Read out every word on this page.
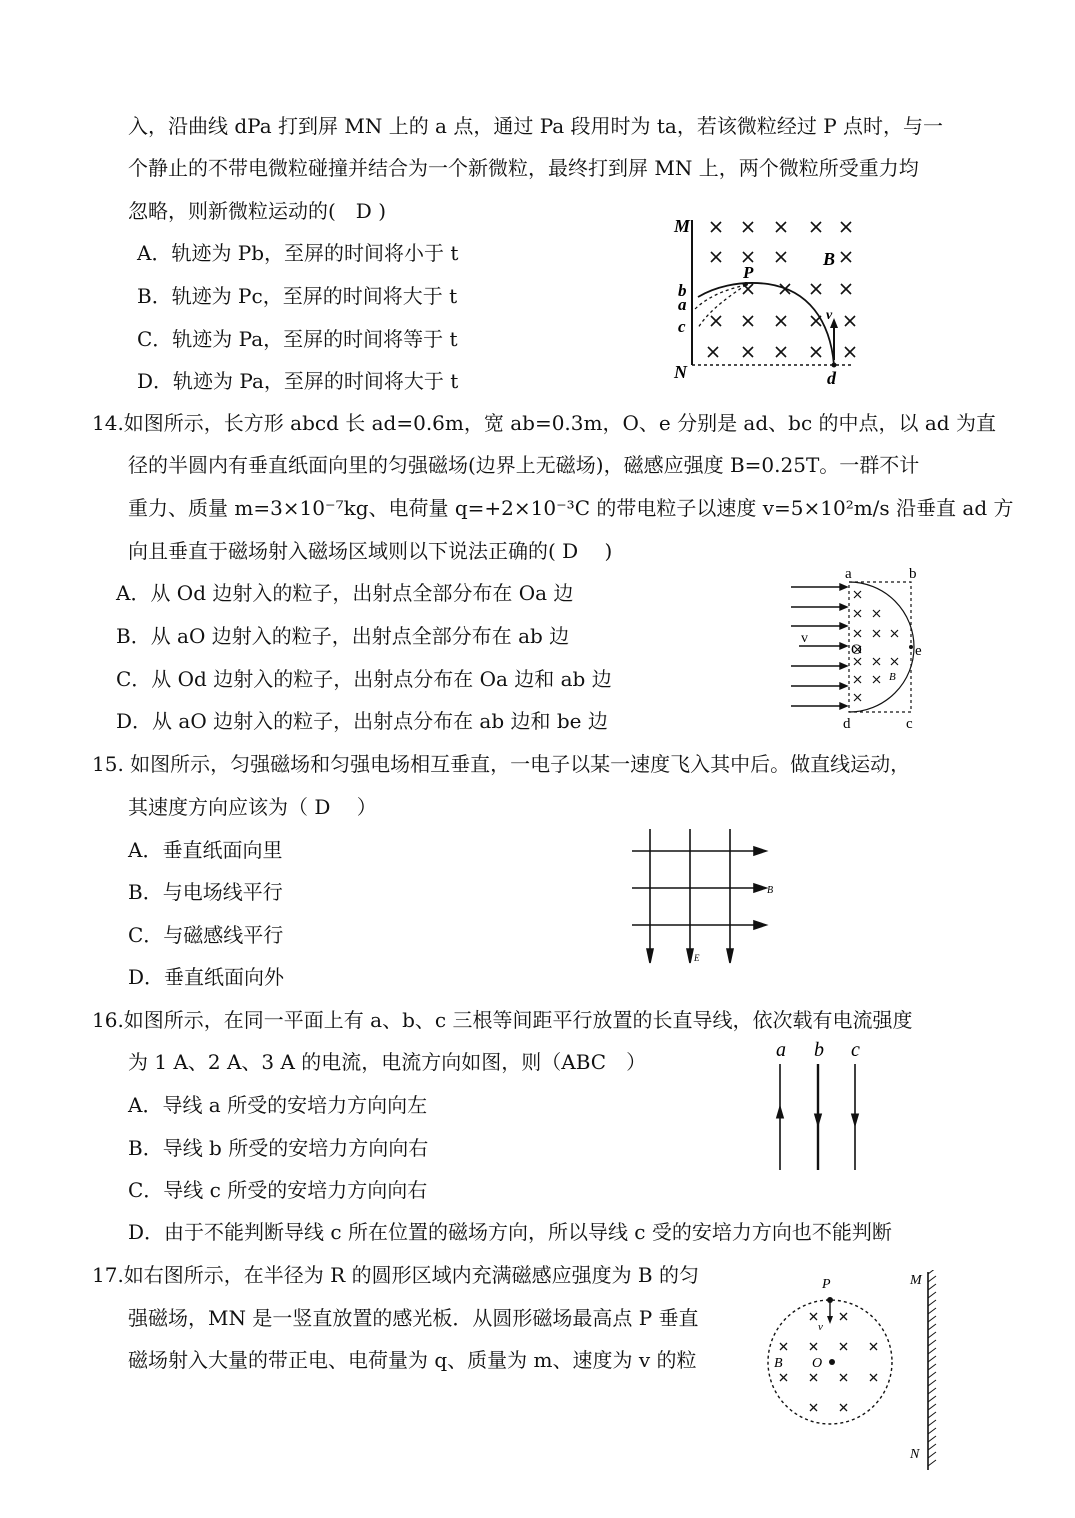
入，沿曲线 dPa 打到屏 MN 上的 a 点，通过 Pa 段用时为 ta，若该微粒经过 P 点时，与一
个静止的不带电微粒碰撞并结合为一个新微粒，最终打到屏 MN 上，两个微粒所受重力均
忽略，则新微粒运动的(　D )
A．轨迹为 Pb，至屏的时间将小于 t
B．轨迹为 Pc，至屏的时间将大于 t
C．轨迹为 Pa，至屏的时间将等于 t
D．轨迹为 Pa，至屏的时间将大于 t
M
N
B
P
b
a
c
d
v
14.如图所示，长方形 abcd 长 ad=0.6m，宽 ab=0.3m，O、e 分别是 ad、bc 的中点，以 ad 为直
径的半圆内有垂直纸面向里的匀强磁场(边界上无磁场)，磁感应强度 B=0.25T。一群不计
重力、质量 m=3×10⁻⁷kg、电荷量 q=+2×10⁻³C 的带电粒子以速度 v=5×10²m/s 沿垂直 ad 方
向且垂直于磁场射入磁场区域则以下说法正确的( D　 )
A．从 Od 边射入的粒子，出射点全部分布在 Oa 边
B．从 aO 边射入的粒子，出射点全部分布在 ab 边
C．从 Od 边射入的粒子，出射点分布在 Oa 边和 ab 边
D．从 aO 边射入的粒子，出射点分布在 ab 边和 be 边
a	b
d	c
e
O
v
B
15. 如图所示，匀强磁场和匀强电场相互垂直，一电子以某一速度飞入其中后。做直线运动，
其速度方向应该为（ D　 ）
A．垂直纸面向里
B．与电场线平行
C．与磁感线平行
D．垂直纸面向外
B
E
16.如图所示，在同一平面上有 a、b、c 三根等间距平行放置的长直导线，依次载有电流强度
为 1 A、2 A、3 A 的电流，电流方向如图，则（ABC　）
A．导线 a 所受的安培力方向向左
B．导线 b 所受的安培力方向向右
C．导线 c 所受的安培力方向向右
D．由于不能判断导线 c 所在位置的磁场方向，所以导线 c 受的安培力方向也不能判断
a b c
17.如右图所示，在半径为 R 的圆形区域内充满磁感应强度为 B 的匀
强磁场，MN 是一竖直放置的感光板．从圆形磁场最高点 P 垂直
磁场射入大量的带正电、电荷量为 q、质量为 m、速度为 v 的粒
P
v
B O
M
N
